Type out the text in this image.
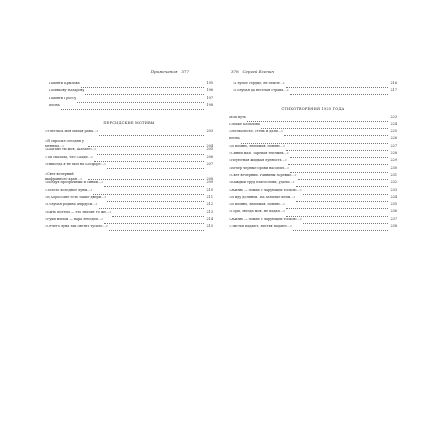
Примечания 377
Памяти Крылова	195
Полякову-Назарову	196
Памяти Гроссу	197
Весна	198
ПЕРСИДСКИЕ МОТИВЫ
«Улеглась моя былая рана...»	203
«Я спросил сегодня у менялы...»	204
«Шаганэ ты моя, Шаганэ!..»	205
«Ты сказала, что Саади...»	206
«Никогда я не был на Босфоре...»	207
«Свет вечерний шафранного края...»	208
«Воздух прозрачный и синий...»	209
«Золото холодное луны...»	210
«В Хороссане есть такие двери...»	211
«Голубая родина Фирдуси...»	212
«Быть поэтом — это значит то же...»	213
«Руки милой — пара лебедей...»	214
«Отчего луна так светит тускло...»	215
378 Сергей Есенин
«Глупое сердце, не бейся!..»	216
«Голубая да весёлая страна...»	217
СТИХОТВОРЕНИЯ 1925 ГОДА
Мой путь	223
Собаке Качалова	224
«Мелколесье, степь и дали...»	225
Весна	226
«Я помню, любимая, помню...»	227
«Синий май. Заревая теплынь...»	228
«Неуютная жидкая лунность...»	229
«Вечер чёрные брови насопил...»	230
«Свет вечерний. Равнины зоревые...»	231
«Каждый труд благослови, удача!..»	232
«Жизнь — обман с чарующей тоскою...»	233
«Я иду долиной. На затылке кепи...»	234
«Я помню, любимая, помню...»	235
«Гори, звезда моя, не падай...»	236
«Жизнь — обман с чарующей тоскою...»	237
«Листья падают, листья падают...»	238
